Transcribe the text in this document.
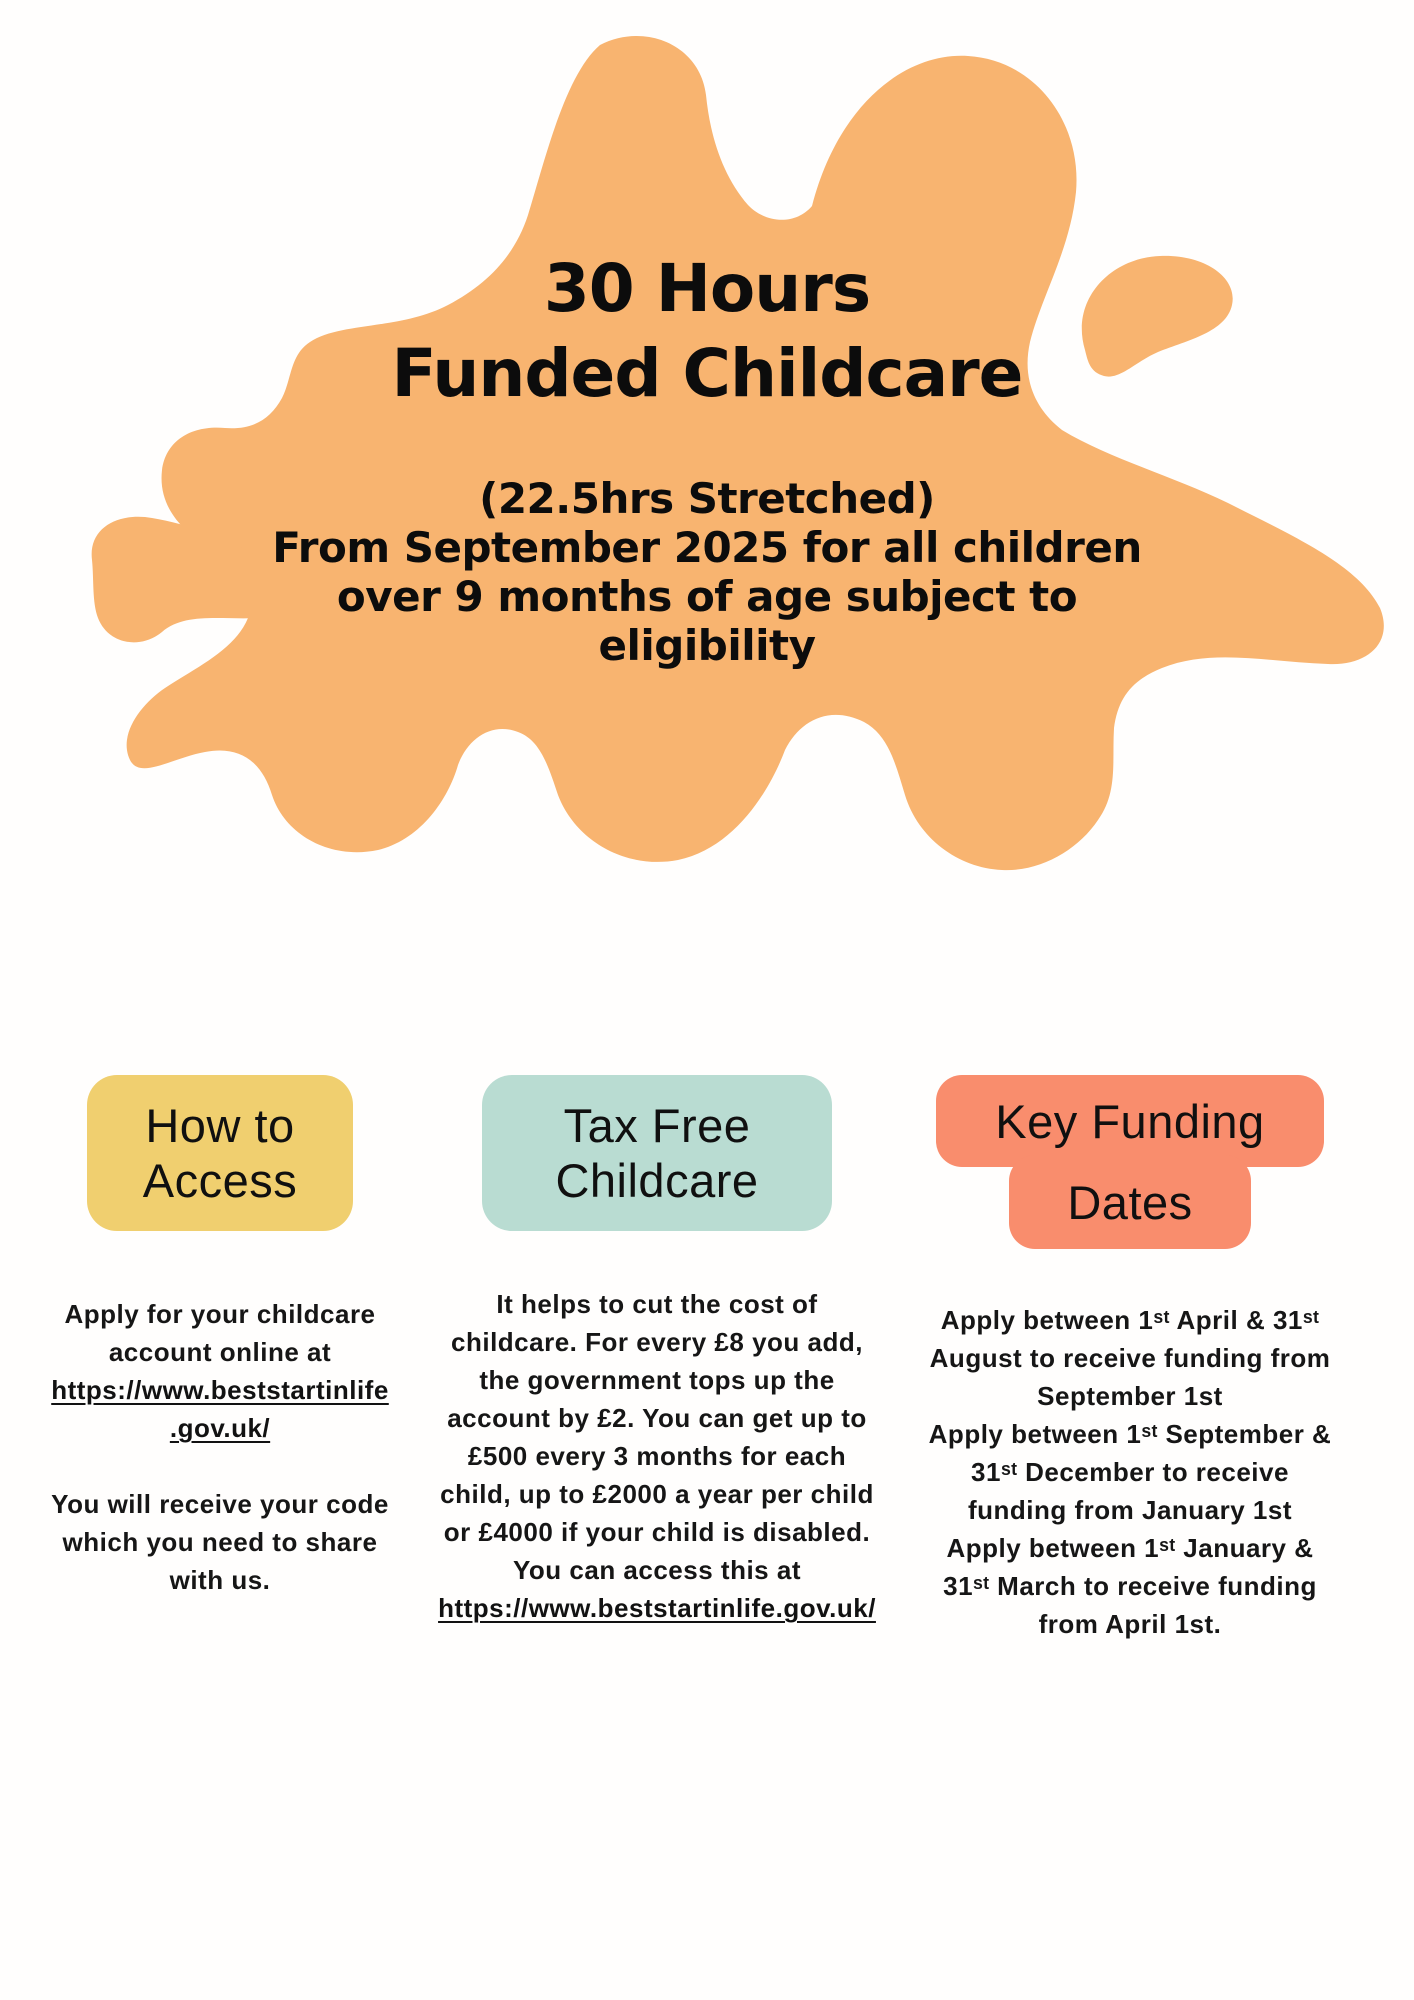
30 Hours
Funded Childcare
(22.5hrs Stretched)
From September 2025 for all children
over 9 months of age subject to
eligibility
How to
Access

Apply for your childcare account online at https://www.beststartinlife.gov.uk/

You will receive your code which you need to share with us.

Tax Free
Childcare

It helps to cut the cost of childcare. For every £8 you add, the government tops up the account by £2. You can get up to £500 every 3 months for each child, up to £2000 a year per child or £4000 if your child is disabled. You can access this at https://www.beststartinlife.gov.uk/

Key Funding
Dates

Apply between 1ˢᵗ April & 31ˢᵗ August to receive funding from September 1st

Apply between 1ˢᵗ September & 31ˢᵗ December to receive funding from January 1st

Apply between 1ˢᵗ January & 31ˢᵗ March to receive funding from April 1st.
